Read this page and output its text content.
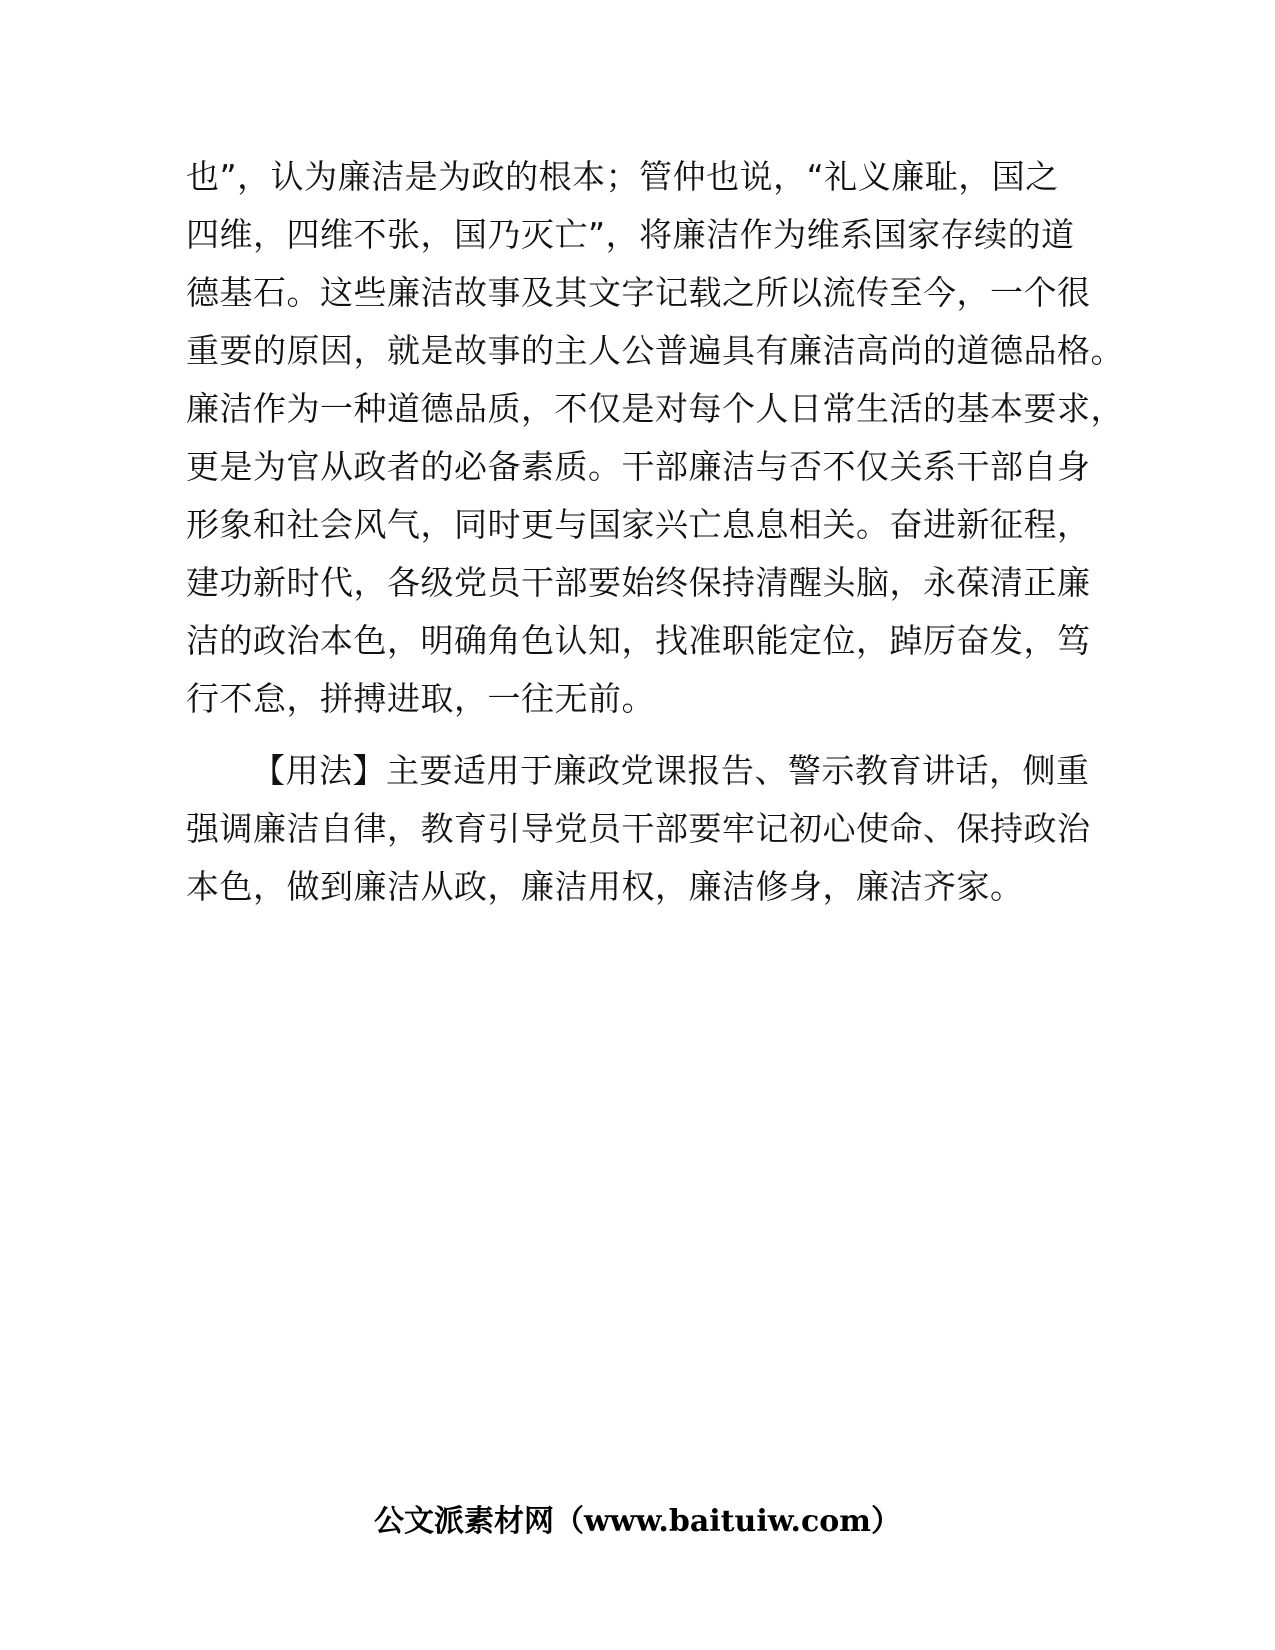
也”，认为廉洁是为政的根本；管仲也说，“礼义廉耻，国之
四维，四维不张，国乃灭亡”，将廉洁作为维系国家存续的道
德基石。这些廉洁故事及其文字记载之所以流传至今，一个很
重要的原因，就是故事的主人公普遍具有廉洁高尚的道德品格。
廉洁作为一种道德品质，不仅是对每个人日常生活的基本要求，
更是为官从政者的必备素质。干部廉洁与否不仅关系干部自身
形象和社会风气，同时更与国家兴亡息息相关。奋进新征程，
建功新时代，各级党员干部要始终保持清醒头脑，永葆清正廉
洁的政治本色，明确角色认知，找准职能定位，踔厉奋发，笃
行不怠，拼搏进取，一往无前。
【用法】主要适用于廉政党课报告、警示教育讲话，侧重
强调廉洁自律，教育引导党员干部要牢记初心使命、保持政治
本色，做到廉洁从政，廉洁用权，廉洁修身，廉洁齐家。
公文派素材网（www.baituiw.com）
